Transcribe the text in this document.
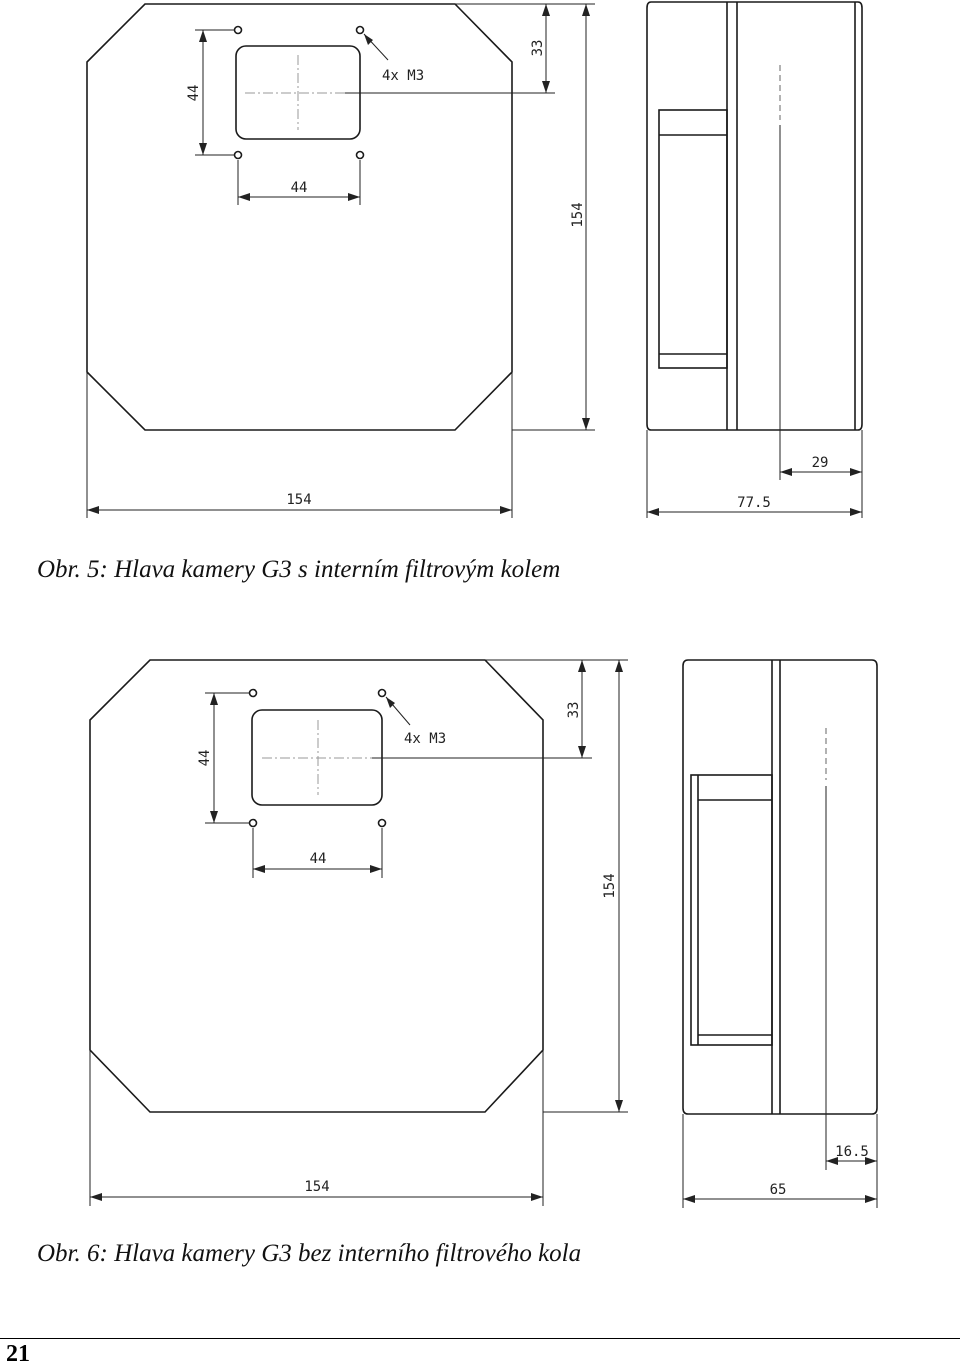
44
44
4x M3
33
154
154
29
77.5
Obr. 5: Hlava kamery G3 s interním filtrovým kolem
44
44
4x M3
33
154
154
16.5
65
Obr. 6: Hlava kamery G3 bez interního filtrového kola
21
